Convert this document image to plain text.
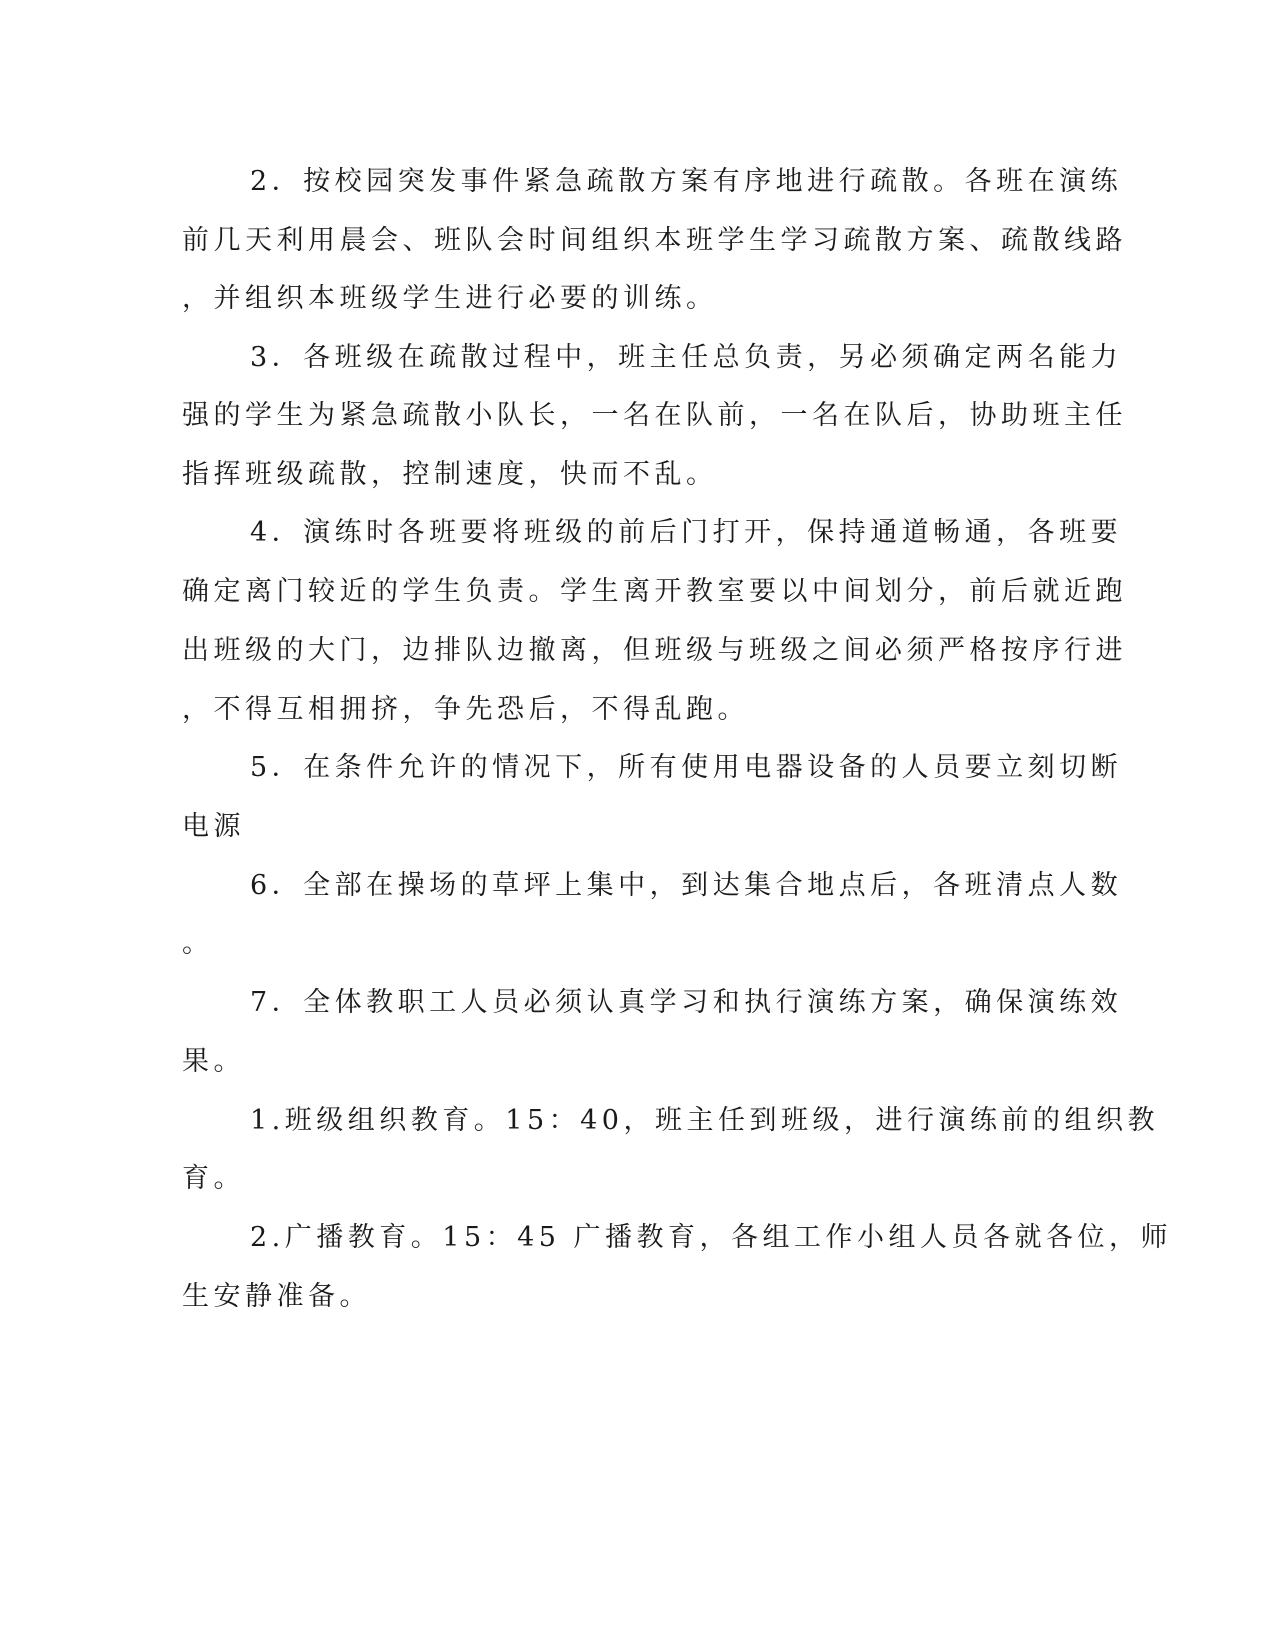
2．按校园突发事件紧急疏散方案有序地进行疏散。各班在演练
前几天利用晨会、班队会时间组织本班学生学习疏散方案、疏散线路
，并组织本班级学生进行必要的训练。
3．各班级在疏散过程中，班主任总负责，另必须确定两名能力
强的学生为紧急疏散小队长，一名在队前，一名在队后，协助班主任
指挥班级疏散，控制速度，快而不乱。
4．演练时各班要将班级的前后门打开，保持通道畅通，各班要
确定离门较近的学生负责。学生离开教室要以中间划分，前后就近跑
出班级的大门，边排队边撤离，但班级与班级之间必须严格按序行进
，不得互相拥挤，争先恐后，不得乱跑。
5．在条件允许的情况下，所有使用电器设备的人员要立刻切断
电源
6．全部在操场的草坪上集中，到达集合地点后，各班清点人数
。
7．全体教职工人员必须认真学习和执行演练方案，确保演练效
果。
1.班级组织教育。15：40，班主任到班级，进行演练前的组织教
育。
2.广播教育。15：45 广播教育，各组工作小组人员各就各位，师
生安静准备。
